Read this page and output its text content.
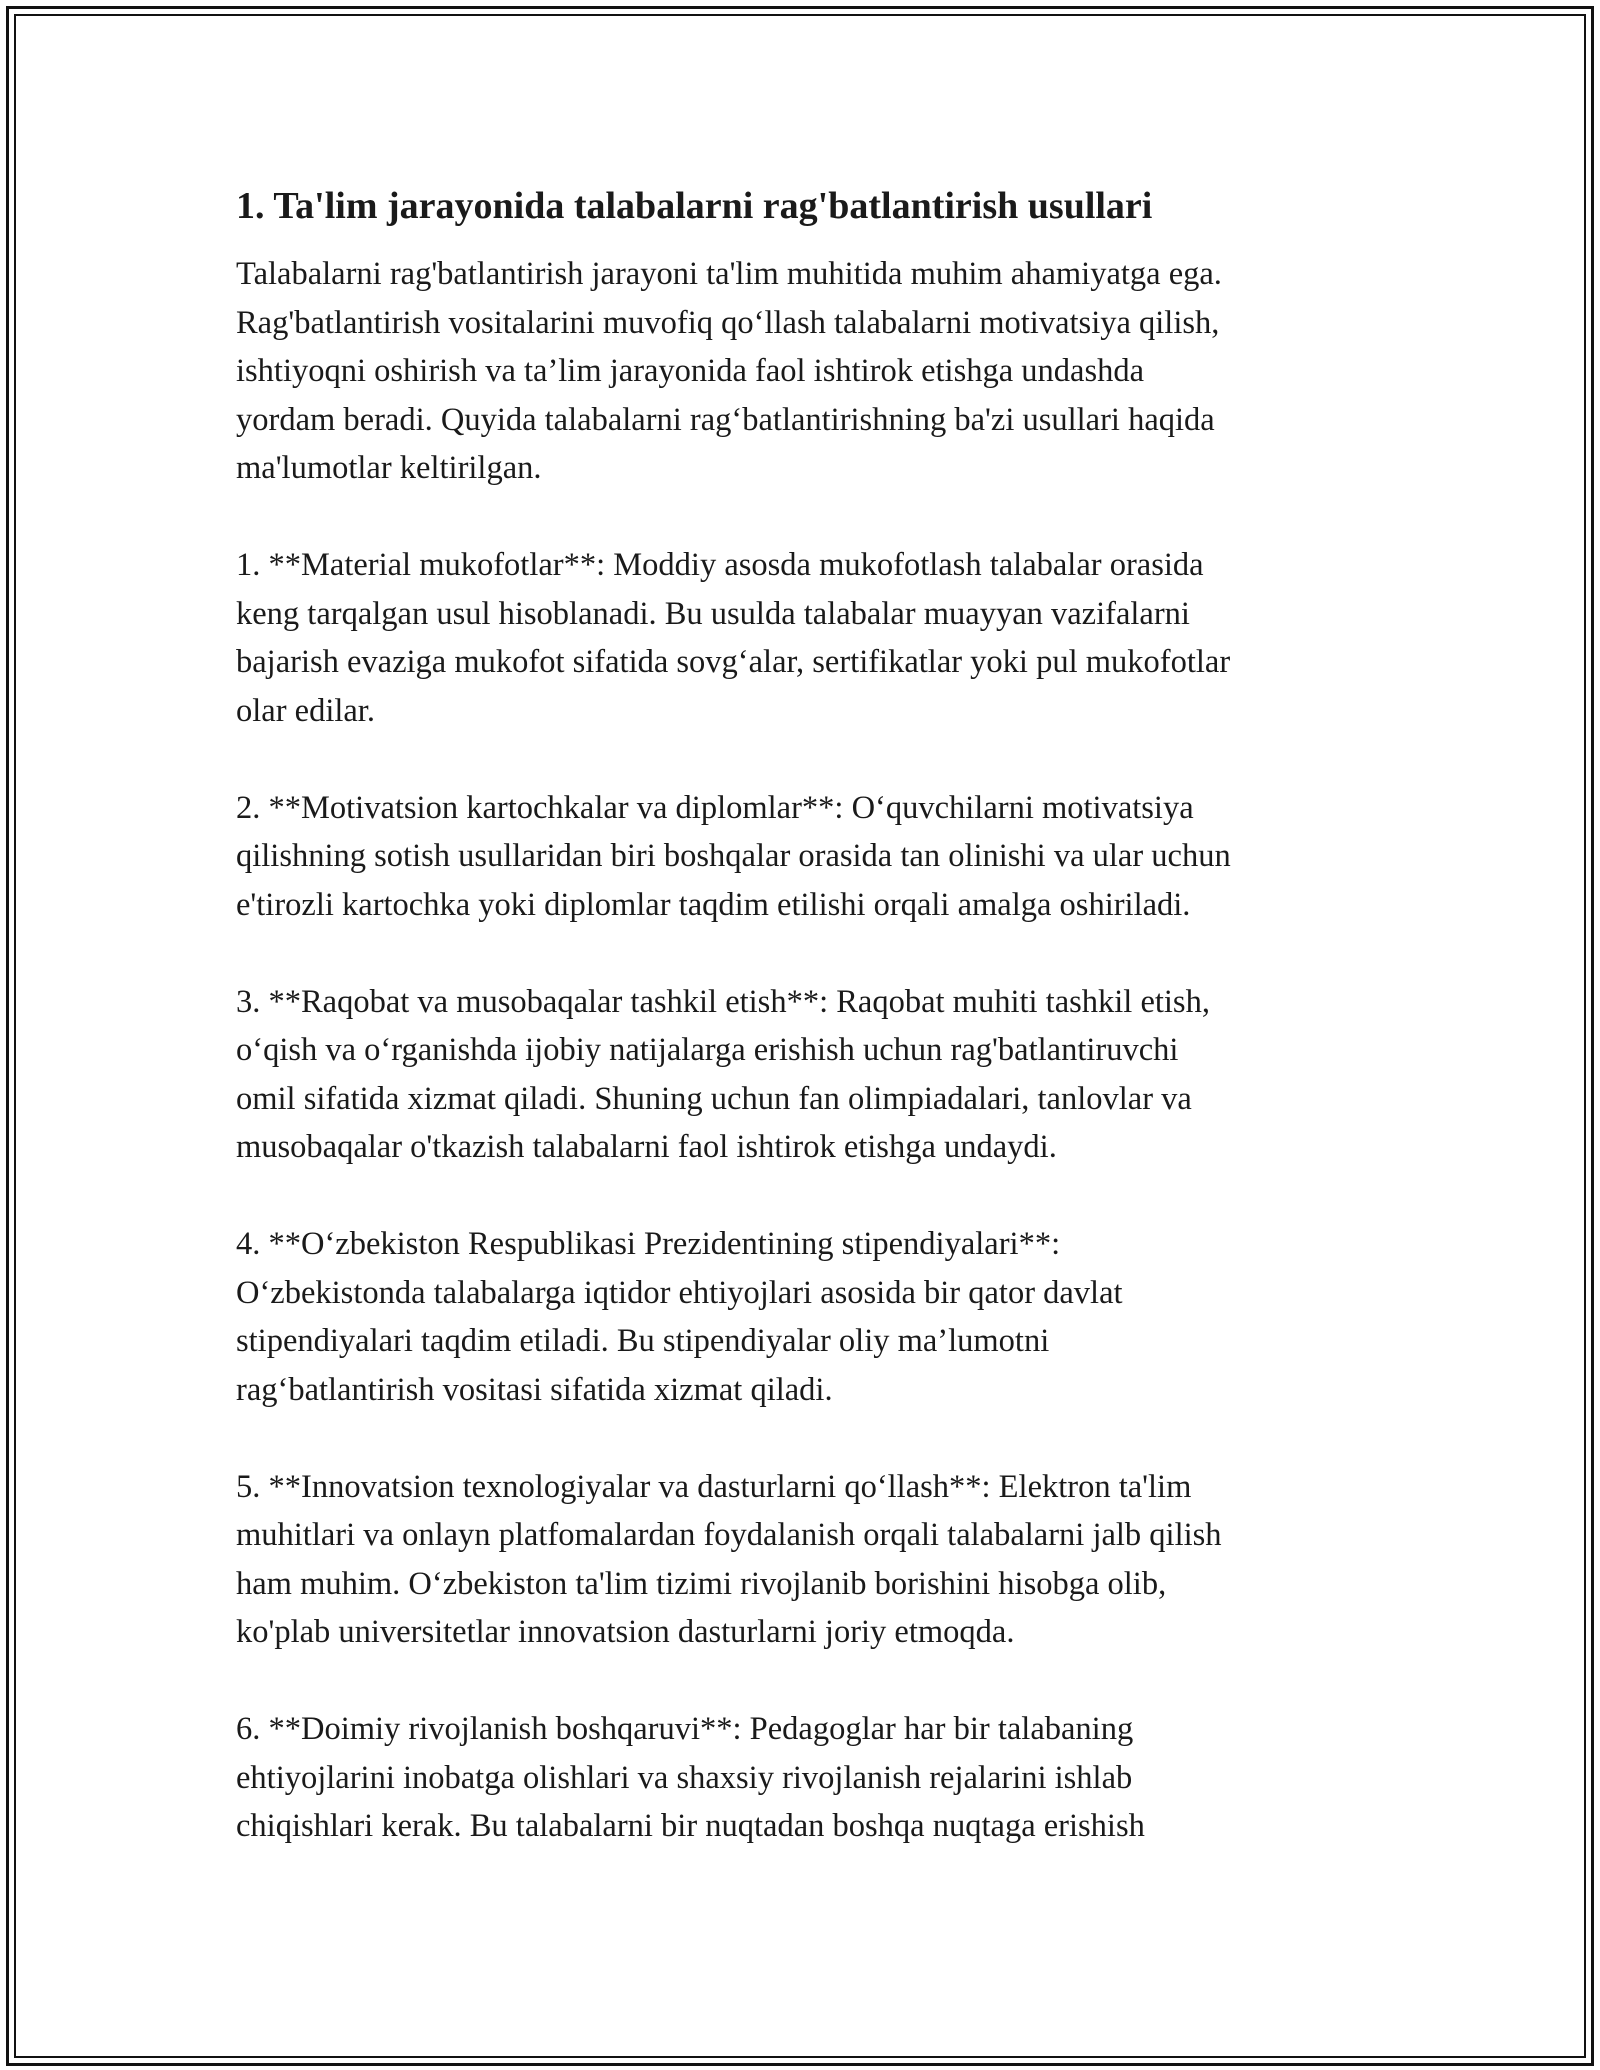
1. Ta'lim jarayonida talabalarni rag'batlantirish usullari

Talabalarni rag'batlantirish jarayoni ta'lim muhitida muhim ahamiyatga ega.
Rag'batlantirish vositalarini muvofiq qo‘llash talabalarni motivatsiya qilish,
ishtiyoqni oshirish va ta’lim jarayonida faol ishtirok etishga undashda
yordam beradi. Quyida talabalarni rag‘batlantirishning ba'zi usullari haqida
ma'lumotlar keltirilgan.

1. **Material mukofotlar**: Moddiy asosda mukofotlash talabalar orasida
keng tarqalgan usul hisoblanadi. Bu usulda talabalar muayyan vazifalarni
bajarish evaziga mukofot sifatida sovg‘alar, sertifikatlar yoki pul mukofotlar
olar edilar.

2. **Motivatsion kartochkalar va diplomlar**: O‘quvchilarni motivatsiya
qilishning sotish usullaridan biri boshqalar orasida tan olinishi va ular uchun
e'tirozli kartochka yoki diplomlar taqdim etilishi orqali amalga oshiriladi.

3. **Raqobat va musobaqalar tashkil etish**: Raqobat muhiti tashkil etish,
o‘qish va o‘rganishda ijobiy natijalarga erishish uchun rag'batlantiruvchi
omil sifatida xizmat qiladi. Shuning uchun fan olimpiadalari, tanlovlar va
musobaqalar o'tkazish talabalarni faol ishtirok etishga undaydi.

4. **O‘zbekiston Respublikasi Prezidentining stipendiyalari**:
O‘zbekistonda talabalarga iqtidor ehtiyojlari asosida bir qator davlat
stipendiyalari taqdim etiladi. Bu stipendiyalar oliy ma’lumotni
rag‘batlantirish vositasi sifatida xizmat qiladi.

5. **Innovatsion texnologiyalar va dasturlarni qo‘llash**: Elektron ta'lim
muhitlari va onlayn platfomalardan foydalanish orqali talabalarni jalb qilish
ham muhim. O‘zbekiston ta'lim tizimi rivojlanib borishini hisobga olib,
ko'plab universitetlar innovatsion dasturlarni joriy etmoqda.

6. **Doimiy rivojlanish boshqaruvi**: Pedagoglar har bir talabaning
ehtiyojlarini inobatga olishlari va shaxsiy rivojlanish rejalarini ishlab
chiqishlari kerak. Bu talabalarni bir nuqtadan boshqa nuqtaga erishish
